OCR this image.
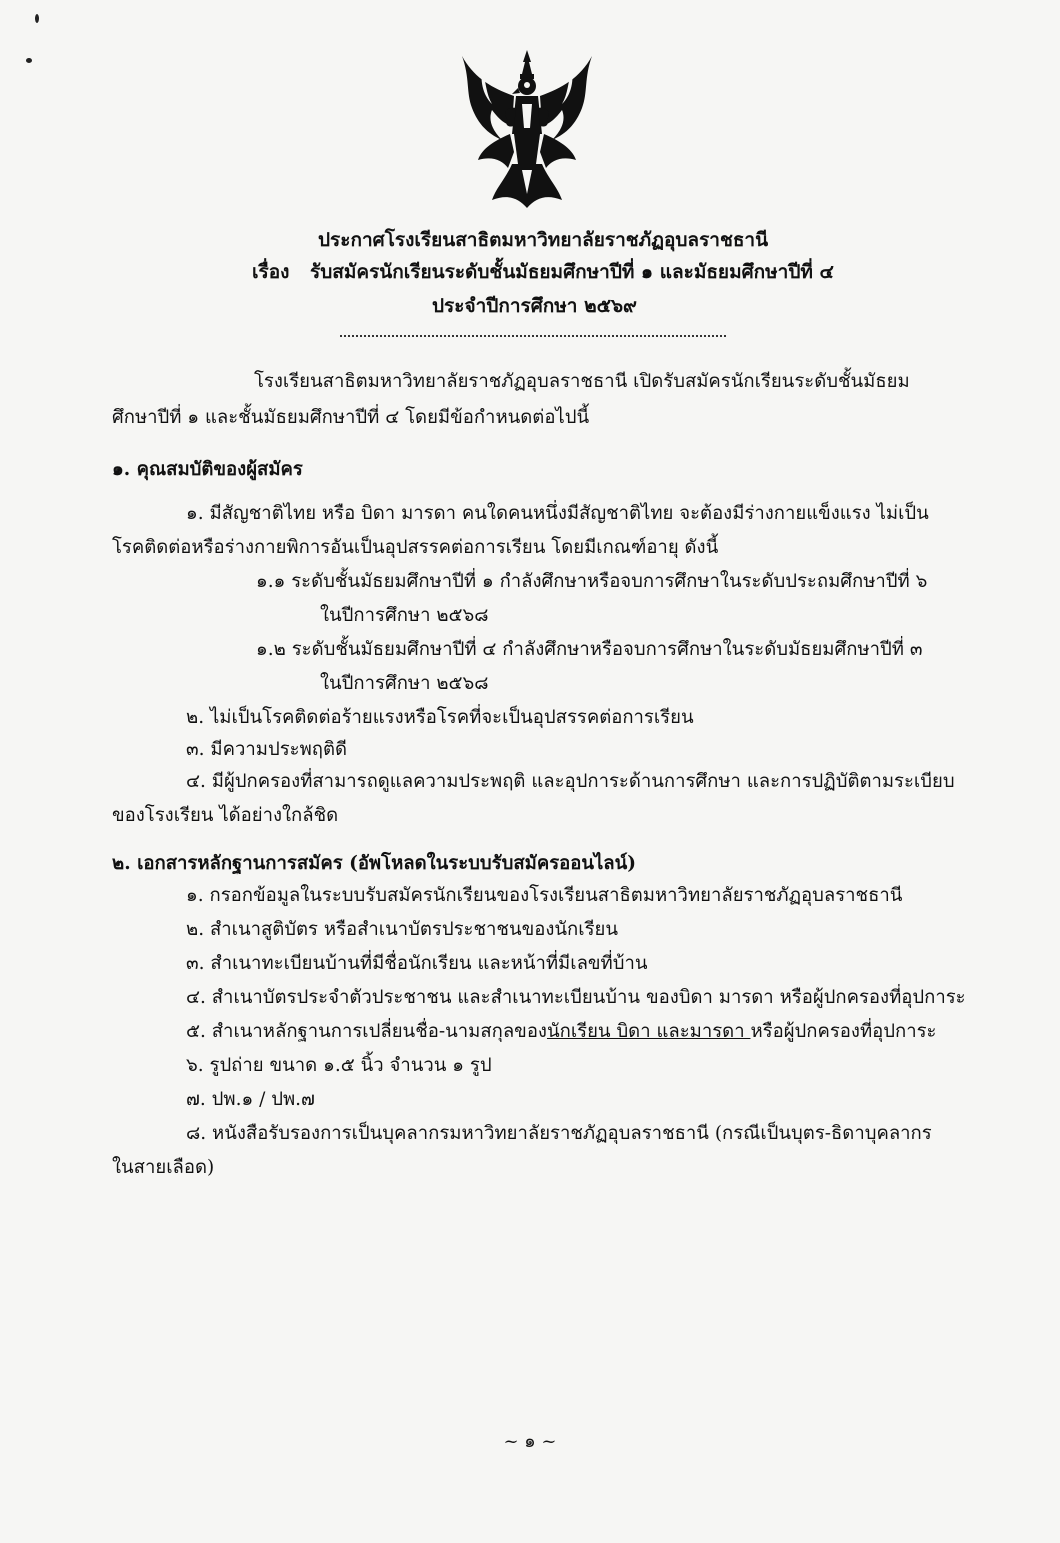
ประกาศโรงเรียนสาธิตมหาวิทยาลัยราชภัฏอุบลราชธานี
เรื่อง รับสมัครนักเรียนระดับชั้นมัธยมศึกษาปีที่ ๑ และมัธยมศึกษาปีที่ ๔
ประจำปีการศึกษา ๒๕๖๙
โรงเรียนสาธิตมหาวิทยาลัยราชภัฏอุบลราชธานี เปิดรับสมัครนักเรียนระดับชั้นมัธยม
ศึกษาปีที่ ๑ และชั้นมัธยมศึกษาปีที่ ๔ โดยมีข้อกำหนดต่อไปนี้
๑. คุณสมบัติของผู้สมัคร
๑. มีสัญชาติไทย หรือ บิดา มารดา คนใดคนหนึ่งมีสัญชาติไทย จะต้องมีร่างกายแข็งแรง ไม่เป็น
โรคติดต่อหรือร่างกายพิการอันเป็นอุปสรรคต่อการเรียน โดยมีเกณฑ์อายุ ดังนี้
๑.๑ ระดับชั้นมัธยมศึกษาปีที่ ๑ กำลังศึกษาหรือจบการศึกษาในระดับประถมศึกษาปีที่ ๖
ในปีการศึกษา ๒๕๖๘
๑.๒ ระดับชั้นมัธยมศึกษาปีที่ ๔ กำลังศึกษาหรือจบการศึกษาในระดับมัธยมศึกษาปีที่ ๓
ในปีการศึกษา ๒๕๖๘
๒. ไม่เป็นโรคติดต่อร้ายแรงหรือโรคที่จะเป็นอุปสรรคต่อการเรียน
๓. มีความประพฤติดี
๔. มีผู้ปกครองที่สามารถดูแลความประพฤติ และอุปการะด้านการศึกษา และการปฏิบัติตามระเบียบ
ของโรงเรียน ได้อย่างใกล้ชิด
๒. เอกสารหลักฐานการสมัคร (อัพโหลดในระบบรับสมัครออนไลน์)
๑. กรอกข้อมูลในระบบรับสมัครนักเรียนของโรงเรียนสาธิตมหาวิทยาลัยราชภัฏอุบลราชธานี
๒. สำเนาสูติบัตร หรือสำเนาบัตรประชาชนของนักเรียน
๓. สำเนาทะเบียนบ้านที่มีชื่อนักเรียน และหน้าที่มีเลขที่บ้าน
๔. สำเนาบัตรประจำตัวประชาชน และสำเนาทะเบียนบ้าน ของบิดา มารดา หรือผู้ปกครองที่อุปการะ
๕. สำเนาหลักฐานการเปลี่ยนชื่อ-นามสกุลของนักเรียน บิดา และมารดา หรือผู้ปกครองที่อุปการะ
๖. รูปถ่าย ขนาด ๑.๕ นิ้ว จำนวน ๑ รูป
๗. ปพ.๑ / ปพ.๗
๘. หนังสือรับรองการเป็นบุคลากรมหาวิทยาลัยราชภัฏอุบลราชธานี (กรณีเป็นบุตร-ธิดาบุคลากร
ในสายเลือด)
~ ๑ ~
